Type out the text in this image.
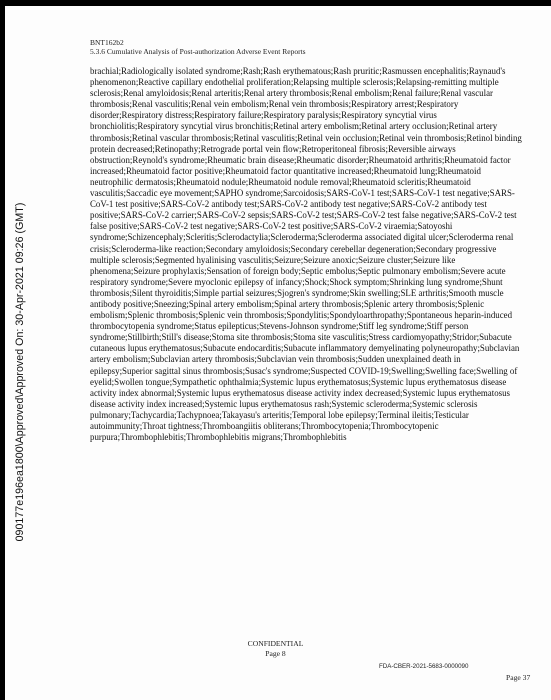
090177e196ea1800\Approved\Approved On: 30-Apr-2021 09:26 (GMT)
BNT162b2
5.3.6 Cumulative Analysis of Post-authorization Adverse Event Reports
brachial;Radiologically isolated syndrome;Rash;Rash erythematous;Rash pruritic;Rasmussen encephalitis;Raynaud's phenomenon;Reactive capillary endothelial proliferation;Relapsing multiple sclerosis;Relapsing-remitting multiple sclerosis;Renal amyloidosis;Renal arteritis;Renal artery thrombosis;Renal embolism;Renal failure;Renal vascular thrombosis;Renal vasculitis;Renal vein embolism;Renal vein thrombosis;Respiratory arrest;Respiratory disorder;Respiratory distress;Respiratory failure;Respiratory paralysis;Respiratory syncytial virus bronchiolitis;Respiratory syncytial virus bronchitis;Retinal artery embolism;Retinal artery occlusion;Retinal artery thrombosis;Retinal vascular thrombosis;Retinal vasculitis;Retinal vein occlusion;Retinal vein thrombosis;Retinol binding protein decreased;Retinopathy;Retrograde portal vein flow;Retroperitoneal fibrosis;Reversible airways obstruction;Reynold's syndrome;Rheumatic brain disease;Rheumatic disorder;Rheumatoid arthritis;Rheumatoid factor increased;Rheumatoid factor positive;Rheumatoid factor quantitative increased;Rheumatoid lung;Rheumatoid neutrophilic dermatosis;Rheumatoid nodule;Rheumatoid nodule removal;Rheumatoid scleritis;Rheumatoid vasculitis;Saccadic eye movement;SAPHO syndrome;Sarcoidosis;SARS-CoV-1 test;SARS-CoV-1 test negative;SARS-CoV-1 test positive;SARS-CoV-2 antibody test;SARS-CoV-2 antibody test negative;SARS-CoV-2 antibody test positive;SARS-CoV-2 carrier;SARS-CoV-2 sepsis;SARS-CoV-2 test;SARS-CoV-2 test false negative;SARS-CoV-2 test false positive;SARS-CoV-2 test negative;SARS-CoV-2 test positive;SARS-CoV-2 viraemia;Satoyoshi syndrome;Schizencephaly;Scleritis;Sclerodactylia;Scleroderma;Scleroderma associated digital ulcer;Scleroderma renal crisis;Scleroderma-like reaction;Secondary amyloidosis;Secondary cerebellar degeneration;Secondary progressive multiple sclerosis;Segmented hyalinising vasculitis;Seizure;Seizure anoxic;Seizure cluster;Seizure like phenomena;Seizure prophylaxis;Sensation of foreign body;Septic embolus;Septic pulmonary embolism;Severe acute respiratory syndrome;Severe myoclonic epilepsy of infancy;Shock;Shock symptom;Shrinking lung syndrome;Shunt thrombosis;Silent thyroiditis;Simple partial seizures;Sjogren's syndrome;Skin swelling;SLE arthritis;Smooth muscle antibody positive;Sneezing;Spinal artery embolism;Spinal artery thrombosis;Splenic artery thrombosis;Splenic embolism;Splenic thrombosis;Splenic vein thrombosis;Spondylitis;Spondyloarthropathy;Spontaneous heparin-induced thrombocytopenia syndrome;Status epilepticus;Stevens-Johnson syndrome;Stiff leg syndrome;Stiff person syndrome;Stillbirth;Still's disease;Stoma site thrombosis;Stoma site vasculitis;Stress cardiomyopathy;Stridor;Subacute cutaneous lupus erythematosus;Subacute endocarditis;Subacute inflammatory demyelinating polyneuropathy;Subclavian artery embolism;Subclavian artery thrombosis;Subclavian vein thrombosis;Sudden unexplained death in epilepsy;Superior sagittal sinus thrombosis;Susac's syndrome;Suspected COVID-19;Swelling;Swelling face;Swelling of eyelid;Swollen tongue;Sympathetic ophthalmia;Systemic lupus erythematosus;Systemic lupus erythematosus disease activity index abnormal;Systemic lupus erythematosus disease activity index decreased;Systemic lupus erythematosus disease activity index increased;Systemic lupus erythematosus rash;Systemic scleroderma;Systemic sclerosis pulmonary;Tachycardia;Tachypnoea;Takayasu's arteritis;Temporal lobe epilepsy;Terminal ileitis;Testicular autoimmunity;Throat tightness;Thromboangiitis obliterans;Thrombocytopenia;Thrombocytopenic purpura;Thrombophlebitis;Thrombophlebitis migrans;Thrombophlebitis
CONFIDENTIAL
Page 8
FDA-CBER-2021-5683-0000090
Page 37
